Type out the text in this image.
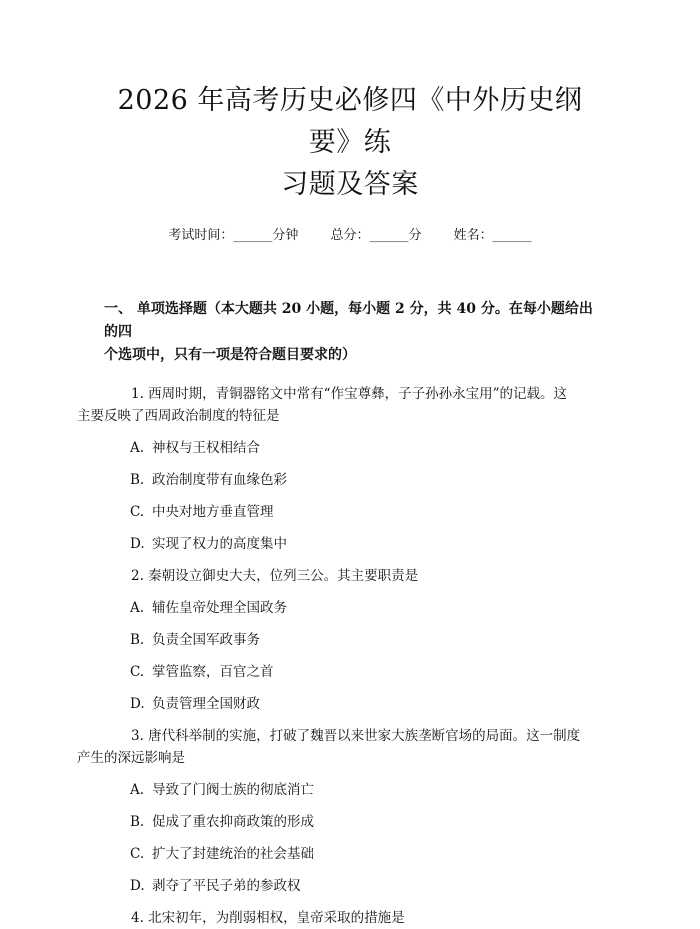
2026 年高考历史必修四《中外历史纲要》练
习题及答案
考试时间：______分钟 总分：______分 姓名：______
一、 单项选择题（本大题共 20 小题，每小题 2 分，共 40 分。在每小题给出的四
个选项中，只有一项是符合题目要求的）

1. 西周时期，青铜器铭文中常有“作宝尊彝，子子孙孙永宝用”的记载。这
主要反映了西周政治制度的特征是

A. 神权与王权相结合
B. 政治制度带有血缘色彩
C. 中央对地方垂直管理
D. 实现了权力的高度集中

2. 秦朝设立御史大夫，位列三公。其主要职责是

A. 辅佐皇帝处理全国政务
B. 负责全国军政事务
C. 掌管监察，百官之首
D. 负责管理全国财政

3. 唐代科举制的实施，打破了魏晋以来世家大族垄断官场的局面。这一制度
产生的深远影响是

A. 导致了门阀士族的彻底消亡
B. 促成了重农抑商政策的形成
C. 扩大了封建统治的社会基础
D. 剥夺了平民子弟的参政权

4. 北宋初年，为削弱相权，皇帝采取的措施是
